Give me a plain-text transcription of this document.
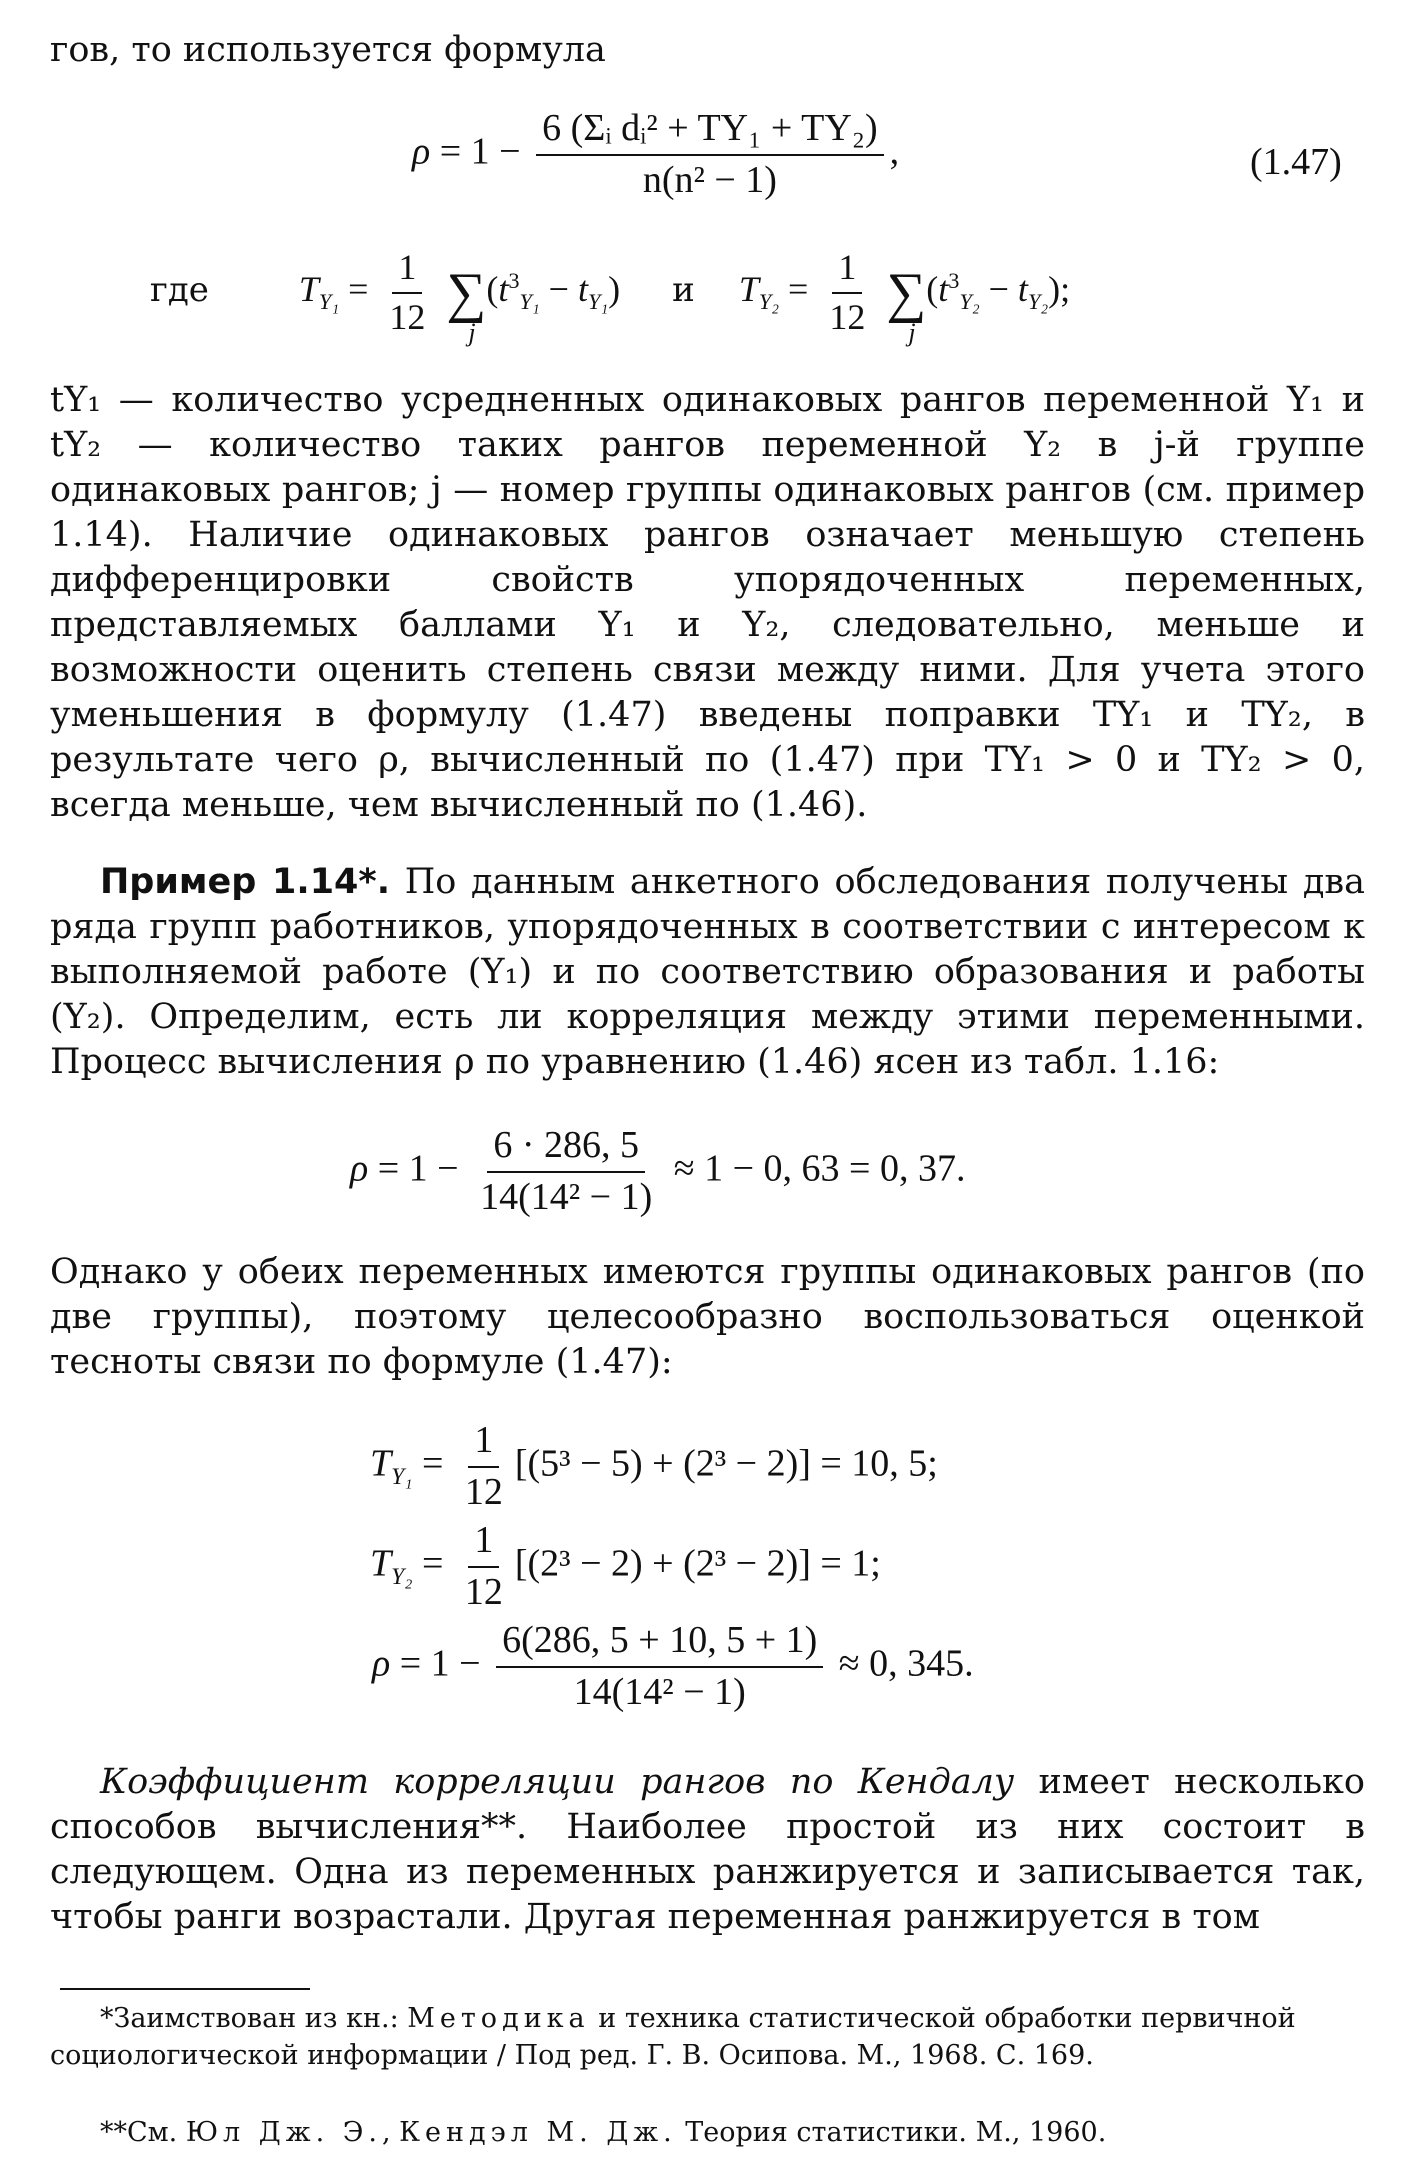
гов, то используется формула

$\rho = 1 - \frac{\text{6 (Σᵢ dᵢ² + TY₁ + TY₂)}}{\text{n(n² − 1)}}$ ,	(1.47)
где	$T_{Y_1} = \frac{1}{12}$ ∑
j
$(t^3_{Y_1} - t_{Y_1})$  и $T_{Y_2} = \frac{1}{12}$ ∑
j
$(t^3_{Y_2} - t_{Y_2})$;

tY₁ — количество усредненных одинаковых рангов переменной Y₁ и tY₂ — количество таких рангов переменной Y₂ в j-й группе одинаковых рангов; j — номер группы одинаковых рангов (см. пример 1.14). Наличие одинаковых рангов означает меньшую степень дифференцировки свойств упорядоченных переменных, представляемых баллами Y₁ и Y₂, следовательно, меньше и возможности оценить степень связи между ними. Для учета этого уменьшения в формулу (1.47) введены поправки TY₁ и TY₂, в результате чего ρ, вычисленный по (1.47) при TY₁ > 0 и TY₂ > 0, всегда меньше, чем вычисленный по (1.46).

Пример 1.14*. По данным анкетного обследования получены два ряда групп работников, упорядоченных в соответствии с интересом к выполняемой работе (Y₁) и по соответствию образования и работы (Y₂). Определим, есть ли корреляция между этими переменными. Процесс вычисления ρ по уравнению (1.46) ясен из табл. 1.16:

$\rho = 1 - \frac{6 \cdot 286, 5}{\text{14(14² − 1)}} \approx 1 - 0$, 63 = 0, 37.

Однако у обеих переменных имеются группы одинаковых рангов (по две группы), поэтому целесообразно воспользоваться оценкой тесноты связи по формуле (1.47):

$T_{Y_1} = \frac{1}{12} [(5^3 - 5) + (2^3 - 2)] = 10$, 5;
$T_{Y_2} = \frac{1}{12} [(2^3 - 2) + (2^3 - 2)] = 1$;
$\rho = 1 - \frac{6(286, 5 + 10, 5 + 1)}{\text{14(14² − 1)}} \approx 0$, 345.

Коэффициент корреляции рангов по Кендалу имеет несколько способов вычисления**. Наиболее простой из них состоит в следующем. Одна из переменных ранжируется и записывается так, чтобы ранги возрастали. Другая переменная ранжируется в том

*Заимствован из кн.: Методика и техника статистической обработки первичной социологической информации / Под ред. Г. В. Осипова. М., 1968. С. 169.

**См. Юл Дж. Э., Кендэл М. Дж. Теория статистики. М., 1960.
